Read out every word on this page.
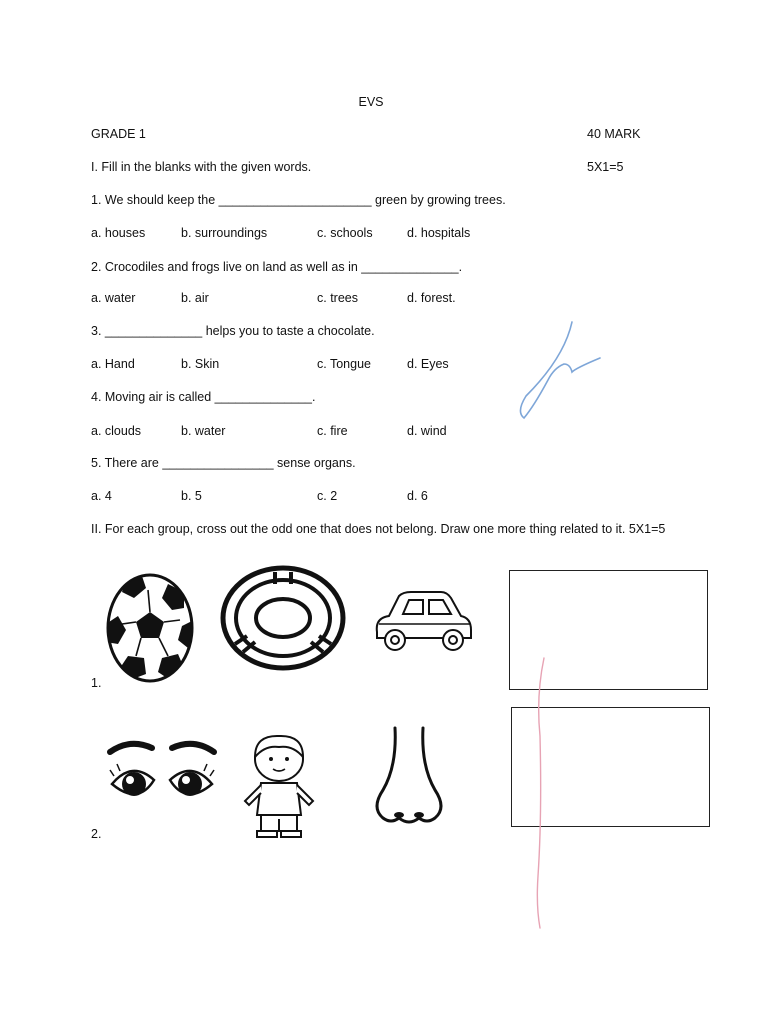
EVS
GRADE 1	40 MARK
I. Fill in the blanks with the given words.	5X1=5
1. We should keep the ______________________ green by growing trees.
a. houses	b. surroundings	c. schools	d. hospitals
2. Crocodiles and frogs live on land as well as in ______________.
a. water	b. air	c. trees	d. forest.
3. ______________ helps you to taste a chocolate.
a. Hand	b. Skin	c. Tongue	d. Eyes
4. Moving air is called ______________.
a. clouds	b. water	c. fire	d. wind
5. There are ________________ sense organs.
a. 4	b. 5	c. 2	d. 6
II. For each group, cross out the odd one that does not belong. Draw one more thing related to it. 5X1=5
1.
2.
